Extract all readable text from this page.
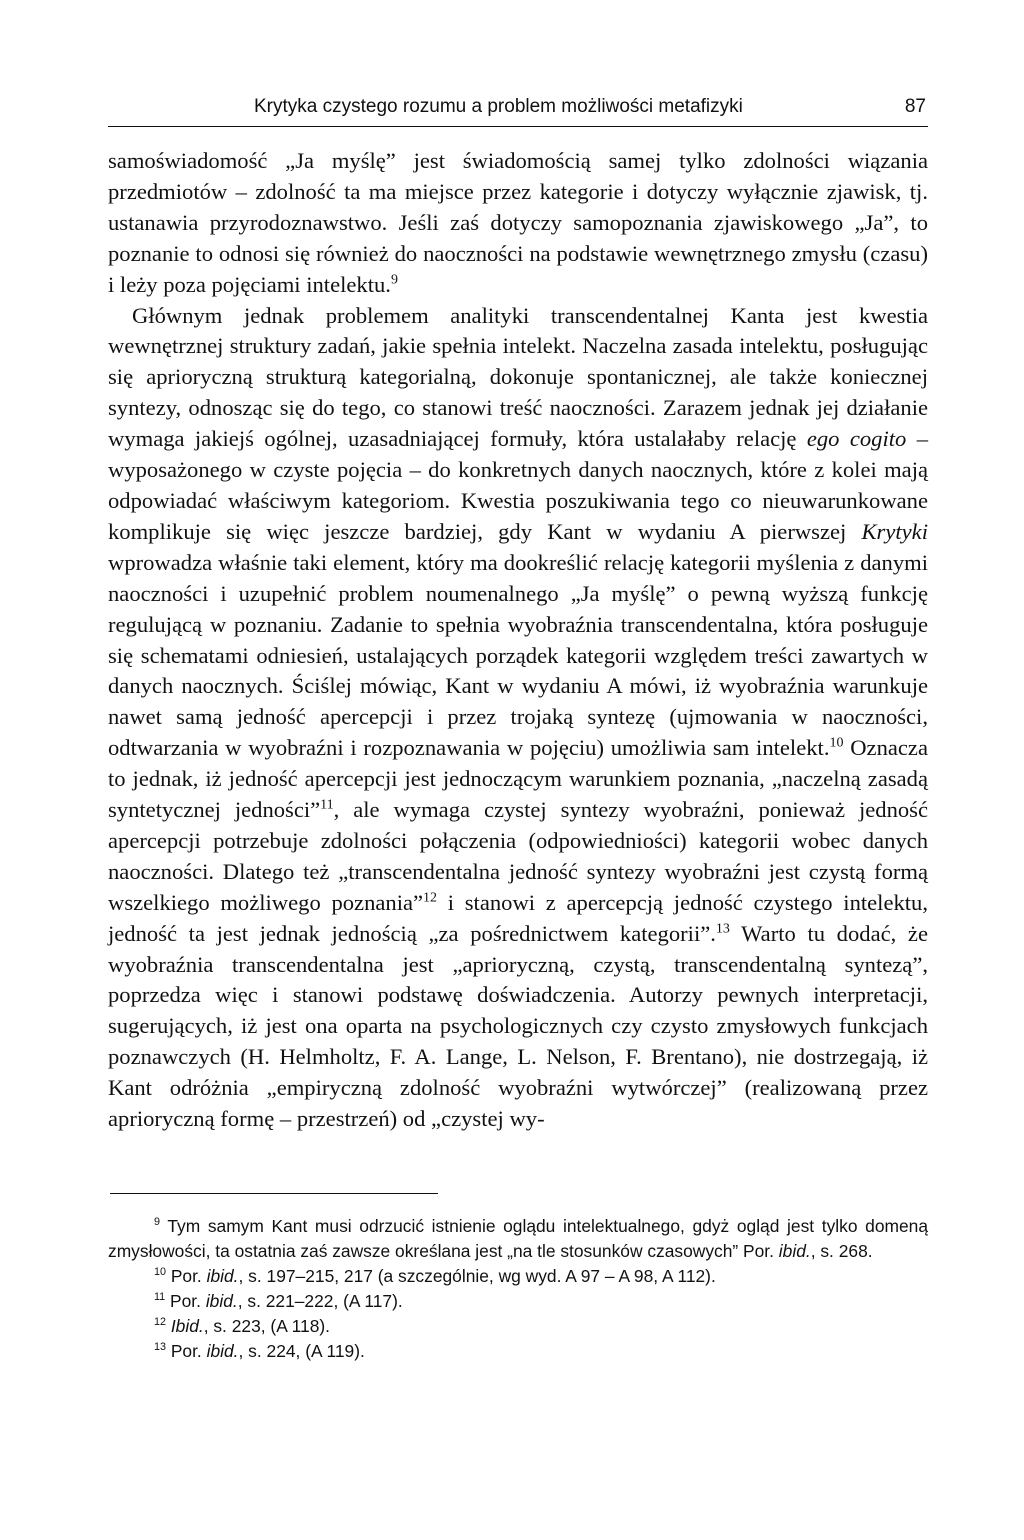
Krytyka czystego rozumu a problem możliwości metafizyki	87

samoświadomość „Ja myślę” jest świadomością samej tylko zdolności wiązania przedmiotów – zdolność ta ma miejsce przez kategorie i dotyczy wyłącznie zjawisk, tj. ustanawia przyrodoznawstwo. Jeśli zaś dotyczy samopoznania zjawiskowego „Ja”, to poznanie to odnosi się również do naoczności na podstawie wewnętrznego zmysłu (czasu) i leży poza pojęciami intelektu.$^9$

Głównym jednak problemem analityki transcendentalnej Kanta jest kwestia wewnętrznej struktury zadań, jakie spełnia intelekt. Naczelna zasada intelektu, posługując się aprioryczną strukturą kategorialną, dokonuje spontanicznej, ale także koniecznej syntezy, odnosząc się do tego, co stanowi treść naoczności. Zarazem jednak jej działanie wymaga jakiejś ogólnej, uzasadniającej formuły, która ustalałaby relację ego cogito – wyposażonego w czyste pojęcia – do konkretnych danych naocznych, które z kolei mają odpowiadać właściwym kategoriom. Kwestia poszukiwania tego co nieuwarunkowane komplikuje się więc jeszcze bardziej, gdy Kant w wydaniu A pierwszej Krytyki wprowadza właśnie taki element, który ma dookreślić relację kategorii myślenia z danymi naoczności i uzupełnić problem noumenalnego „Ja myślę” o pewną wyższą funkcję regulującą w poznaniu. Zadanie to spełnia wyobraźnia transcendentalna, która posługuje się schematami odniesień, ustalających porządek kategorii względem treści zawartych w danych naocznych. Ściślej mówiąc, Kant w wydaniu A mówi, iż wyobraźnia warunkuje nawet samą jedność apercepcji i przez trojaką syntezę (ujmowania w naoczności, odtwarzania w wyobraźni i rozpoznawania w pojęciu) umożliwia sam intelekt.$^{10}$ Oznacza to jednak, iż jedność apercepcji jest jednoczącym warunkiem poznania, „naczelną zasadą syntetycznej jedności”$^{11}$, ale wymaga czystej syntezy wyobraźni, ponieważ jedność apercepcji potrzebuje zdolności połączenia (odpowiedniości) kategorii wobec danych naoczności. Dlatego też „transcendentalna jedność syntezy wyobraźni jest czystą formą wszelkiego możliwego poznania”$^{12}$ i stanowi z apercepcją jedność czystego intelektu, jedność ta jest jednak jednością „za pośrednictwem kategorii”.$^{13}$ Warto tu dodać, że wyobraźnia transcendentalna jest „aprioryczną, czystą, transcendentalną syntezą”, poprzedza więc i stanowi podstawę doświadczenia. Autorzy pewnych interpretacji, sugerujących, iż jest ona oparta na psychologicznych czy czysto zmysłowych funkcjach poznawczych (H. Helmholtz, F. A. Lange, L. Nelson, F. Brentano), nie dostrzegają, iż Kant odróżnia „empiryczną zdolność wyobraźni wytwórczej” (realizowaną przez aprioryczną formę – przestrzeń) od „czystej wy-

$^9$ Tym samym Kant musi odrzucić istnienie oglądu intelektualnego, gdyż ogląd jest tylko domeną zmysłowości, ta ostatnia zaś zawsze określana jest „na tle stosunków czasowych” Por. ibid., s. 268.

$^{10}$ Por. ibid., s. 197–215, 217 (a szczególnie, wg wyd. A 97 – A 98, A 112).

$^{11}$ Por. ibid., s. 221–222, (A 117).

$^{12}$ Ibid., s. 223, (A 118).

$^{13}$ Por. ibid., s. 224, (A 119).
